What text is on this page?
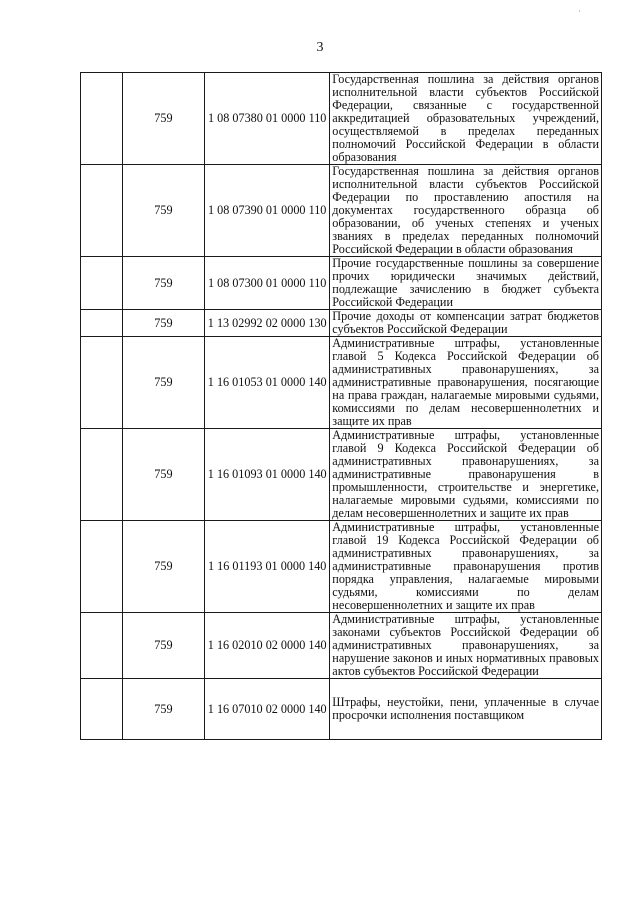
·
3
	759	1 08 07380 01 0000 110	Государственная пошлина за действия органов исполнительной власти субъектов Российской Федерации, связанные с государственной аккредитацией образовательных учреждений, осуществляемой в пределах переданных полномочий Российской Федерации в области образования
	759	1 08 07390 01 0000 110	Государственная пошлина за действия органов исполнительной власти субъектов Российской Федерации по проставлению апостиля на документах государственного образца об образовании, об ученых степенях и ученых званиях в пределах переданных полномочий Российской Федерации в области образования
	759	1 08 07300 01 0000 110	Прочие государственные пошлины за совершение прочих юридически значимых действий, подлежащие зачислению в бюджет субъекта Российской Федерации
	759	1 13 02992 02 0000 130	Прочие доходы от компенсации затрат бюджетов субъектов Российской Федерации
	759	1 16 01053 01 0000 140	Административные штрафы, установленные главой 5 Кодекса Российской Федерации об административных правонарушениях, за административные правонарушения, посягающие на права граждан, налагаемые мировыми судьями, комиссиями по делам несовершеннолетних и защите их прав
	759	1 16 01093 01 0000 140	Административные штрафы, установленные главой 9 Кодекса Российской Федерации об административных правонарушениях, за административные правонарушения в промышленности, строительстве и энергетике, налагаемые мировыми судьями, комиссиями по делам несовершеннолетних и защите их прав
	759	1 16 01193 01 0000 140	Административные штрафы, установленные главой 19 Кодекса Российской Федерации об административных правонарушениях, за административные правонарушения против порядка управления, налагаемые мировыми судьями, комиссиями по делам несовершеннолетних и защите их прав
	759	1 16 02010 02 0000 140	Административные штрафы, установленные законами субъектов Российской Федерации об административных правонарушениях, за нарушение законов и иных нормативных правовых актов субъектов Российской Федерации
	759	1 16 07010 02 0000 140	Штрафы, неустойки, пени, уплаченные в случае просрочки исполнения поставщиком
